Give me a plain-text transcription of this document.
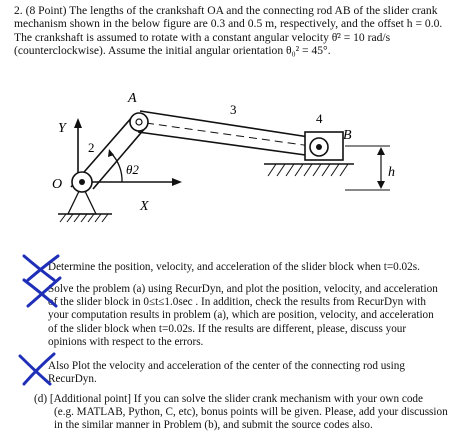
2. (8 Point) The lengths of the crankshaft OA and the connecting rod AB of the slider crank
mechanism shown in the below figure are 0.3 and 0.5 m, respectively, and the offset h = 0.0.
The crankshaft is assumed to rotate with a constant angular velocity θ̇² = 10 rad/s
(counterclockwise). Assume the initial angular orientation θ₀² = 45°.
Y
X
2
3
A
O
θ2
4
B
h
Determine the position, velocity, and acceleration of the slider block when t=0.02s.
Solve the problem (a) using RecurDyn, and plot the position, velocity, and acceleration
of the slider block in 0≤t≤1.0sec . In addition, check the results from RecurDyn with
your computation results in problem (a), which are position, velocity, and acceleration
of the slider block when t=0.02s. If the results are different, please, discuss your
opinions with respect to the errors.
Also Plot the velocity and acceleration of the center of the connecting rod using
RecurDyn.
(d) [Additional point] If you can solve the slider crank mechanism with your own code
(e.g. MATLAB, Python, C, etc), bonus points will be given. Please, add your discussion
in the similar manner in Problem (b), and submit the source codes also.
